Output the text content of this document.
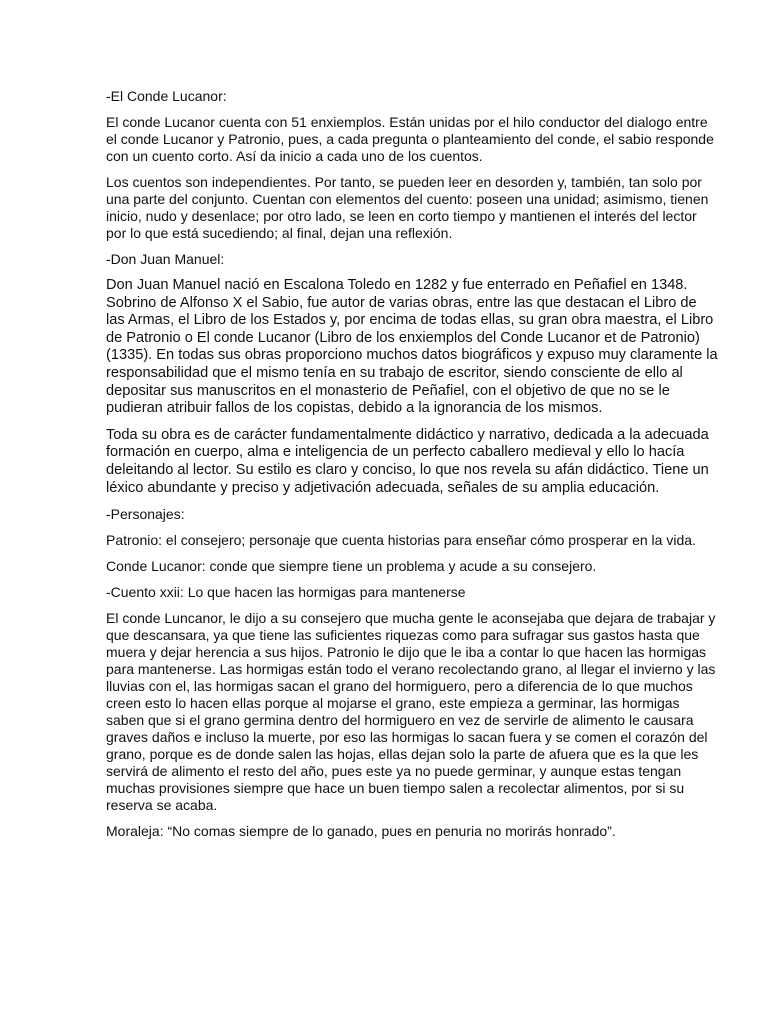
-El Conde Lucanor:

El conde Lucanor cuenta con 51 enxiemplos. Están unidas por el hilo conductor del dialogo entre el conde Lucanor y Patronio, pues, a cada pregunta o planteamiento del conde, el sabio responde con un cuento corto. Así da inicio a cada uno de los cuentos.

Los cuentos son independientes. Por tanto, se pueden leer en desorden y, también, tan solo por una parte del conjunto. Cuentan con elementos del cuento: poseen una unidad; asimismo, tienen inicio, nudo y desenlace; por otro lado, se leen en corto tiempo y mantienen el interés del lector por lo que está sucediendo; al final, dejan una reflexión.

-Don Juan Manuel:

Don Juan Manuel nació en Escalona Toledo en 1282 y fue enterrado en Peñafiel en 1348. Sobrino de Alfonso X el Sabio, fue autor de varias obras, entre las que destacan el Libro de las Armas, el Libro de los Estados y, por encima de todas ellas, su gran obra maestra, el Libro de Patronio o El conde Lucanor (Libro de los enxiemplos del Conde Lucanor et de Patronio) (1335). En todas sus obras proporciono muchos datos biográficos y expuso muy claramente la responsabilidad que el mismo tenía en su trabajo de escritor, siendo consciente de ello al depositar sus manuscritos en el monasterio de Peñafiel, con el objetivo de que no se le pudieran atribuir fallos de los copistas, debido a la ignorancia de los mismos.

Toda su obra es de carácter fundamentalmente didáctico y narrativo, dedicada a la adecuada formación en cuerpo, alma e inteligencia de un perfecto caballero medieval y ello lo hacía deleitando al lector. Su estilo es claro y conciso, lo que nos revela su afán didáctico. Tiene un léxico abundante y preciso y adjetivación adecuada, señales de su amplia educación.

-Personajes:

Patronio: el consejero; personaje que cuenta historias para enseñar cómo prosperar en la vida.

Conde Lucanor: conde que siempre tiene un problema y acude a su consejero.

-Cuento xxii: Lo que hacen las hormigas para mantenerse

El conde Luncanor, le dijo a su consejero que mucha gente le aconsejaba que dejara de trabajar y que descansara, ya que tiene las suficientes riquezas como para sufragar sus gastos hasta que muera y dejar herencia a sus hijos. Patronio le dijo que le iba a contar lo que hacen las hormigas para mantenerse. Las hormigas están todo el verano recolectando grano, al llegar el invierno y las lluvias con el, las hormigas sacan el grano del hormiguero, pero a diferencia de lo que muchos creen esto lo hacen ellas porque al mojarse el grano, este empieza a germinar, las hormigas saben que si el grano germina dentro del hormiguero en vez de servirle de alimento le causara graves daños e incluso la muerte, por eso las hormigas lo sacan fuera y se comen el corazón del grano, porque es de donde salen las hojas, ellas dejan solo la parte de afuera que es la que les servirá de alimento el resto del año, pues este ya no puede germinar, y aunque estas tengan muchas provisiones siempre que hace un buen tiempo salen a recolectar alimentos, por si su reserva se acaba.

Moraleja: “No comas siempre de lo ganado, pues en penuria no morirás honrado”.
